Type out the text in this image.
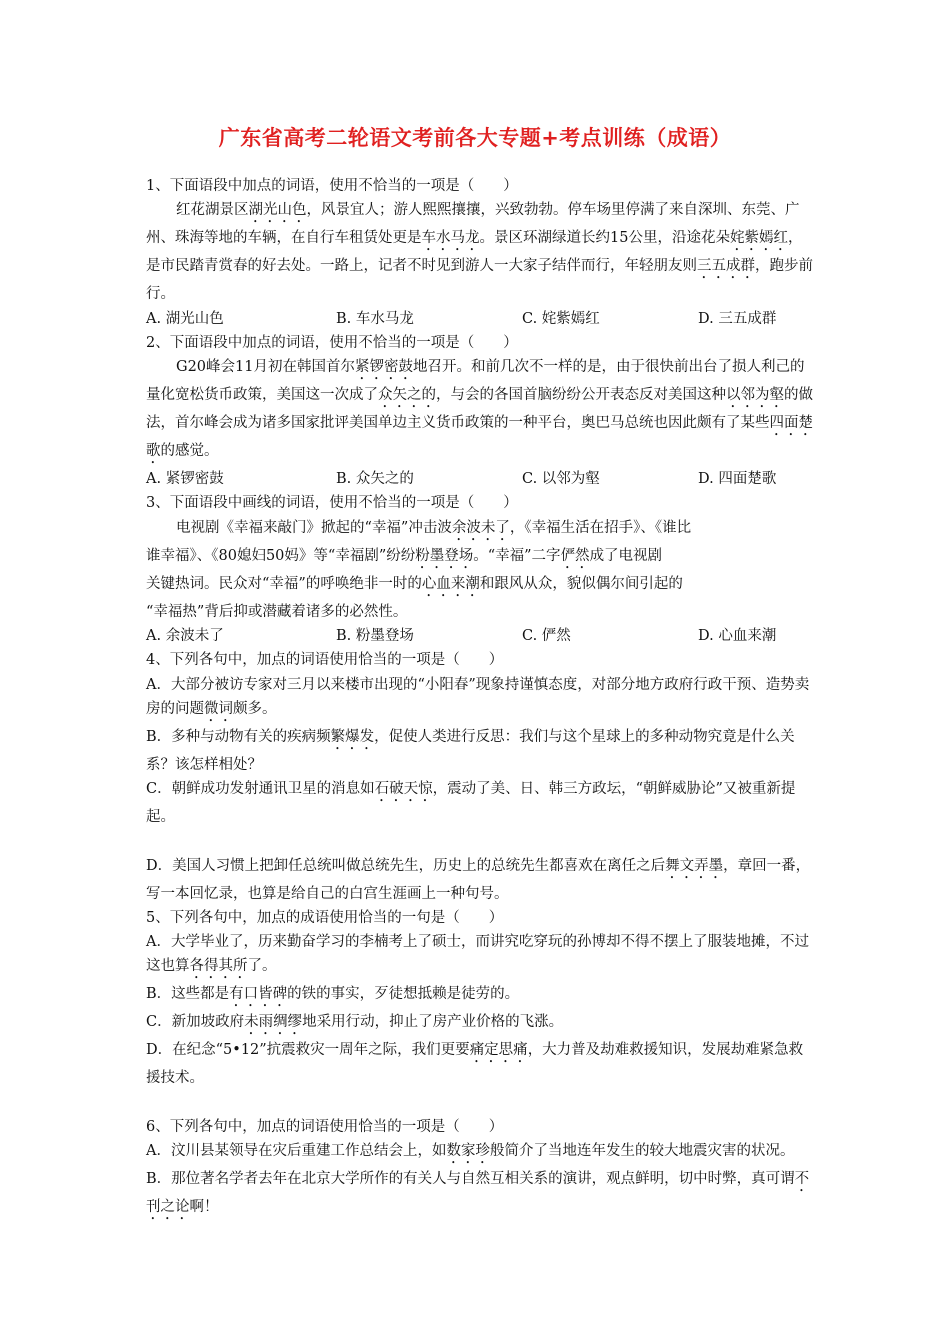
广东省高考二轮语文考前各大专题+考点训练（成语）

1、下面语段中加点的词语，使用不恰当的一项是（　　）

红花湖景区湖光山色，风景宜人；游人熙熙攘攘，兴致勃勃。停车场里停满了来自深圳、东莞、广州、珠海等地的车辆，在自行车租赁处更是车水马龙。景区环湖绿道长约15公里，沿途花朵姹紫嫣红，是市民踏青赏春的好去处。一路上，记者不时见到游人一大家子结伴而行，年轻朋友则三五成群，跑步前行。

A. 湖光山色	B. 车水马龙	C. 姹紫嫣红	D. 三五成群

2、下面语段中加点的词语，使用不恰当的一项是（　　）

G20峰会11月初在韩国首尔紧锣密鼓地召开。和前几次不一样的是，由于很快前出台了损人利己的量化宽松货币政策，美国这一次成了众矢之的，与会的各国首脑纷纷公开表态反对美国这种以邻为壑的做法，首尔峰会成为诸多国家批评美国单边主义货币政策的一种平台，奥巴马总统也因此颇有了某些四面楚歌的感觉。

A. 紧锣密鼓	B. 众矢之的	C. 以邻为壑	D. 四面楚歌

3、下面语段中画线的词语，使用不恰当的一项是（　　）

电视剧《幸福来敲门》掀起的“幸福”冲击波余波未了，《幸福生活在招手》、《谁比

谁幸福》、《80媳妇50妈》等“幸福剧”纷纷粉墨登场。“幸福”二字俨然成了电视剧

关键热词。民众对“幸福”的呼唤绝非一时的心血来潮和跟风从众，貌似偶尔间引起的

“幸福热”背后抑或潜藏着诸多的必然性。

A. 余波未了	B. 粉墨登场	C. 俨然	D. 心血来潮

4、下列各句中，加点的词语使用恰当的一项是（　　）

A．大部分被访专家对三月以来楼市出现的“小阳春”现象持谨慎态度，对部分地方政府行政干预、造势卖房的问题微词颇多。

B．多种与动物有关的疾病频繁爆发，促使人类进行反思：我们与这个星球上的多种动物究竟是什么关系？该怎样相处？

C．朝鲜成功发射通讯卫星的消息如石破天惊，震动了美、日、韩三方政坛，“朝鲜威胁论”又被重新提起。

D．美国人习惯上把卸任总统叫做总统先生，历史上的总统先生都喜欢在离任之后舞文弄墨，章回一番，写一本回忆录，也算是给自己的白宫生涯画上一种句号。

5、下列各句中，加点的成语使用恰当的一句是（　　）

A．大学毕业了，历来勤奋学习的李楠考上了硕士，而讲究吃穿玩的孙博却不得不摆上了服装地摊，不过这也算各得其所了。

B．这些都是有口皆碑的铁的事实，歹徒想抵赖是徒劳的。

C．新加坡政府未雨绸缪地采用行动，抑止了房产业价格的飞涨。

D．在纪念“5•12”抗震救灾一周年之际，我们更要痛定思痛，大力普及劫难救援知识，发展劫难紧急救援技术。

6、下列各句中，加点的词语使用恰当的一项是（　　）

A．汶川县某领导在灾后重建工作总结会上，如数家珍般简介了当地连年发生的较大地震灾害的状况。

B．那位著名学者去年在北京大学所作的有关人与自然互相关系的演讲，观点鲜明，切中时弊，真可谓不刊之论啊！
